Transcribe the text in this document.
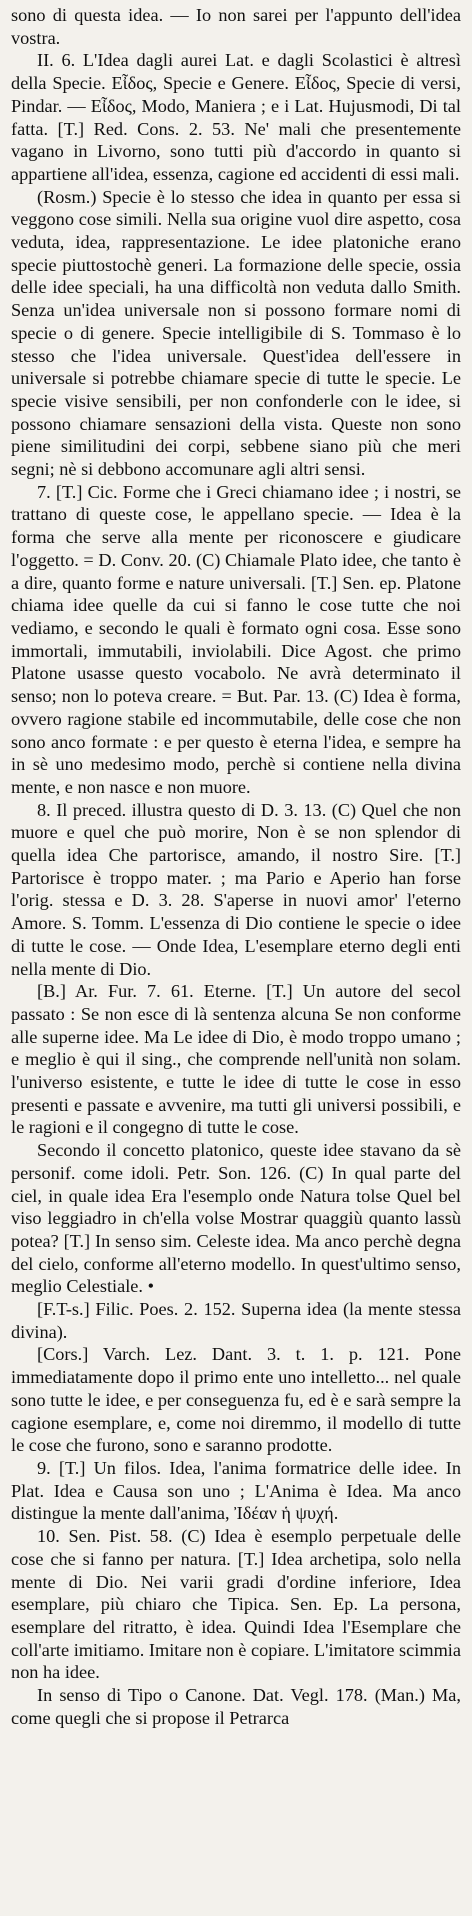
sono di questa idea. — Io non sarei per l'appunto dell'idea vostra.

II. 6. L'Idea dagli aurei Lat. e dagli Scolastici è altresì della Specie. Εἶδος, Specie e Genere. Εἶδος, Specie di versi, Pindar. — Εἶδος, Modo, Maniera ; e i Lat. Hujusmodi, Di tal fatta. [T.] Red. Cons. 2. 53. Ne' mali che presentemente vagano in Livorno, sono tutti più d'accordo in quanto si appartiene all'idea, essenza, cagione ed accidenti di essi mali.

(Rosm.) Specie è lo stesso che idea in quanto per essa si veggono cose simili. Nella sua origine vuol dire aspetto, cosa veduta, idea, rappresentazione. Le idee platoniche erano specie piuttostochè generi. La formazione delle specie, ossia delle idee speciali, ha una difficoltà non veduta dallo Smith. Senza un'idea universale non si possono formare nomi di specie o di genere. Specie intelligibile di S. Tommaso è lo stesso che l'idea universale. Quest'idea dell'essere in universale si potrebbe chiamare specie di tutte le specie. Le specie visive sensibili, per non confonderle con le idee, si possono chiamare sensazioni della vista. Queste non sono piene similitudini dei corpi, sebbene siano più che meri segni; nè si debbono accomunare agli altri sensi.

7. [T.] Cic. Forme che i Greci chiamano idee ; i nostri, se trattano di queste cose, le appellano specie. — Idea è la forma che serve alla mente per riconoscere e giudicare l'oggetto. = D. Conv. 20. (C) Chiamale Plato idee, che tanto è a dire, quanto forme e nature universali. [T.] Sen. ep. Platone chiama idee quelle da cui si fanno le cose tutte che noi vediamo, e secondo le quali è formato ogni cosa. Esse sono immortali, immutabili, inviolabili. Dice Agost. che primo Platone usasse questo vocabolo. Ne avrà determinato il senso; non lo poteva creare. = But. Par. 13. (C) Idea è forma, ovvero ragione stabile ed incommutabile, delle cose che non sono anco formate : e per questo è eterna l'idea, e sempre ha in sè uno medesimo modo, perchè si contiene nella divina mente, e non nasce e non muore.

8. Il preced. illustra questo di D. 3. 13. (C) Quel che non muore e quel che può morire, Non è se non splendor di quella idea Che partorisce, amando, il nostro Sire. [T.] Partorisce è troppo mater. ; ma Pario e Aperio han forse l'orig. stessa e D. 3. 28. S'aperse in nuovi amor' l'eterno Amore. S. Tomm. L'essenza di Dio contiene le specie o idee di tutte le cose. — Onde Idea, L'esemplare eterno degli enti nella mente di Dio.

[B.] Ar. Fur. 7. 61. Eterne. [T.] Un autore del secol passato : Se non esce di là sentenza alcuna Se non conforme alle superne idee. Ma Le idee di Dio, è modo troppo umano ; e meglio è qui il sing., che comprende nell'unità non solam. l'universo esistente, e tutte le idee di tutte le cose in esso presenti e passate e avvenire, ma tutti gli universi possibili, e le ragioni e il congegno di tutte le cose.

Secondo il concetto platonico, queste idee stavano da sè personif. come idoli. Petr. Son. 126. (C) In qual parte del ciel, in quale idea Era l'esemplo onde Natura tolse Quel bel viso leggiadro in ch'ella volse Mostrar quaggiù quanto lassù potea? [T.] In senso sim. Celeste idea. Ma anco perchè degna del cielo, conforme all'eterno modello. In quest'ultimo senso, meglio Celestiale. •

[F.T-s.] Filic. Poes. 2. 152. Superna idea (la mente stessa divina).

[Cors.] Varch. Lez. Dant. 3. t. 1. p. 121. Pone immediatamente dopo il primo ente uno intelletto... nel quale sono tutte le idee, e per conseguenza fu, ed è e sarà sempre la cagione esemplare, e, come noi diremmo, il modello di tutte le cose che furono, sono e saranno prodotte.

9. [T.] Un filos. Idea, l'anima formatrice delle idee. In Plat. Idea e Causa son uno ; L'Anima è Idea. Ma anco distingue la mente dall'anima, Ἰδέαν ἡ ψυχή.

10. Sen. Pist. 58. (C) Idea è esemplo perpetuale delle cose che si fanno per natura. [T.] Idea archetipa, solo nella mente di Dio. Nei varii gradi d'ordine inferiore, Idea esemplare, più chiaro che Tipica. Sen. Ep. La persona, esemplare del ritratto, è idea. Quindi Idea l'Esemplare che coll'arte imitiamo. Imitare non è copiare. L'imitatore scimmia non ha idee.

In senso di Tipo o Canone. Dat. Vegl. 178. (Man.) Ma, come quegli che si propose il Petrarca
